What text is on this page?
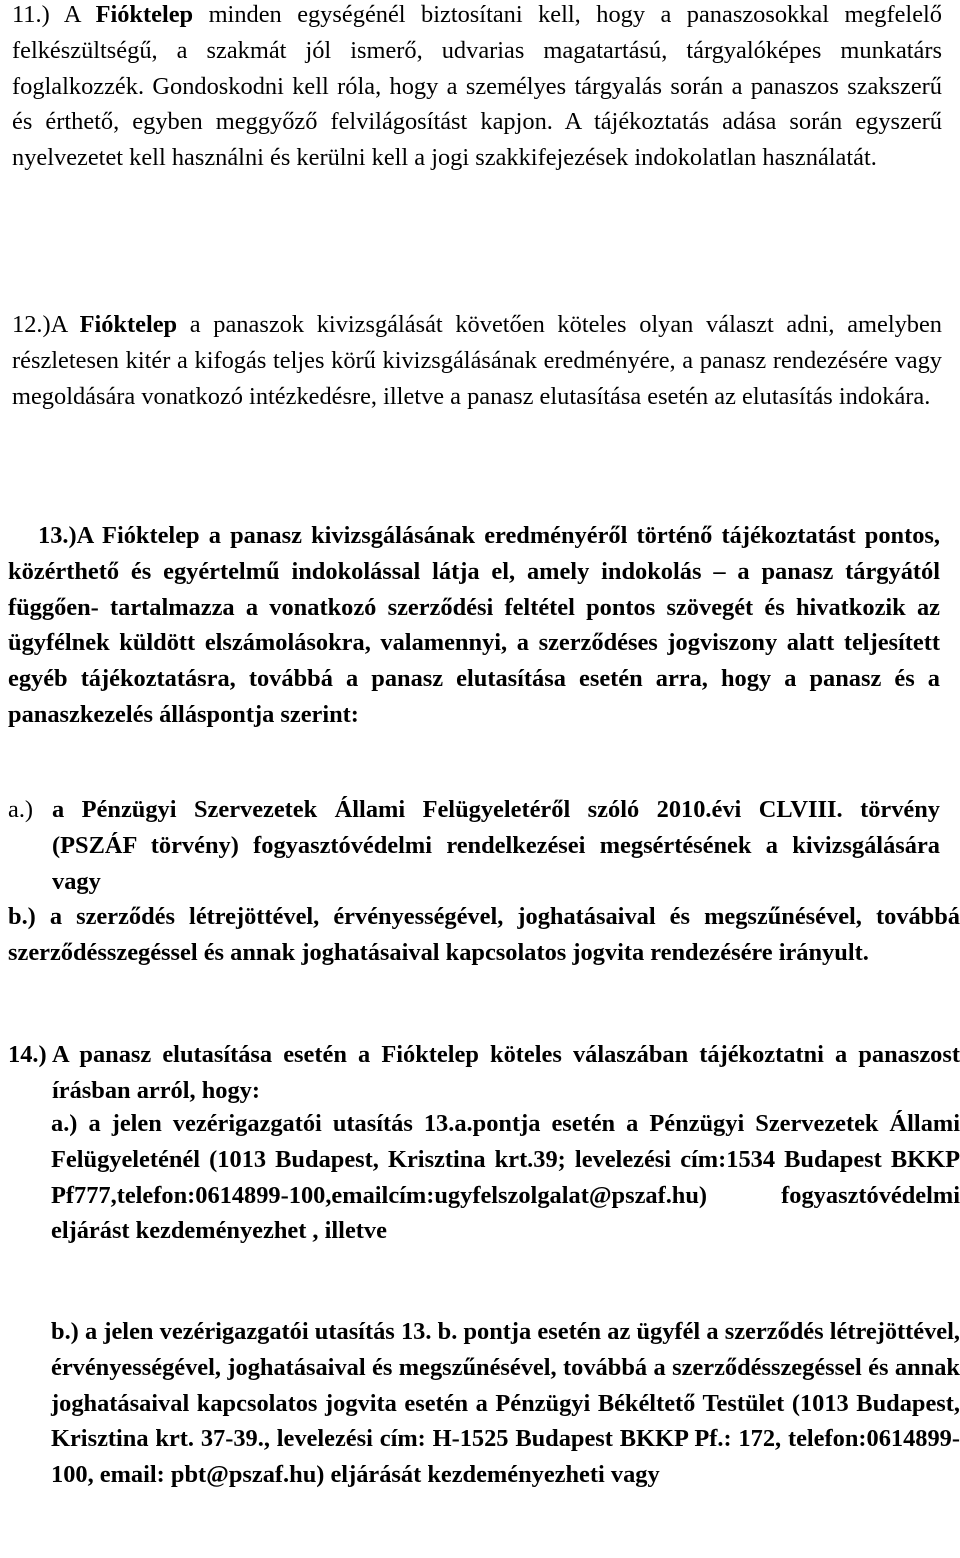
11.) A Fióktelep minden egységénél biztosítani kell, hogy a panaszosokkal megfelelő felkészültségű, a szakmát jól ismerő, udvarias magatartású, tárgyalóképes munkatárs foglalkozzék. Gondoskodni kell róla, hogy a személyes tárgyalás során a panaszos szakszerű és érthető, egyben meggyőző felvilágosítást kapjon. A tájékoztatás adása során egyszerű nyelvezetet kell használni és kerülni kell a jogi szakkifejezések indokolatlan használatát.

12.)A Fióktelep a panaszok kivizsgálását követően köteles olyan választ adni, amelyben részletesen kitér a kifogás teljes körű kivizsgálásának eredményére, a panasz rendezésére vagy megoldására vonatkozó intézkedésre, illetve a panasz elutasítása esetén az elutasítás indokára.

13.)A Fióktelep a panasz kivizsgálásának eredményéről történő tájékoztatást pontos, közérthető és egyértelmű indokolással látja el, amely indokolás – a panasz tárgyától függően- tartalmazza a vonatkozó szerződési feltétel pontos szövegét és hivatkozik az ügyfélnek küldött elszámolásokra, valamennyi, a szerződéses jogviszony alatt teljesített egyéb tájékoztatásra, továbbá a panasz elutasítása esetén arra, hogy a panasz és a panaszkezelés álláspontja szerint:

a.) a Pénzügyi Szervezetek Állami Felügyeletéről szóló 2010.évi CLVIII. törvény (PSZÁF törvény) fogyasztóvédelmi rendelkezései megsértésének a kivizsgálására vagy

b.) a szerződés létrejöttével, érvényességével, joghatásaival és megszűnésével, továbbá szerződésszegéssel és annak joghatásaival kapcsolatos jogvita rendezésére irányult.

14.) A panasz elutasítása esetén a Fióktelep köteles válaszában tájékoztatni a panaszost írásban arról, hogy:

a.) a jelen vezérigazgatói utasítás 13.a.pontja esetén a Pénzügyi Szervezetek Állami Felügyeleténél (1013 Budapest, Krisztina krt.39; levelezési cím:1534 Budapest BKKP Pf777,telefon:0614899-100,emailcím:ugyfelszolgalat@pszaf.hu) fogyasztóvédelmi eljárást kezdeményezhet , illetve

b.) a jelen vezérigazgatói utasítás 13. b. pontja esetén az ügyfél a szerződés létrejöttével, érvényességével, joghatásaival és megszűnésével, továbbá a szerződésszegéssel és annak joghatásaival kapcsolatos jogvita esetén a Pénzügyi Békéltető Testület (1013 Budapest, Krisztina krt. 37-39., levelezési cím: H-1525 Budapest BKKP Pf.: 172, telefon:0614899-100, email: pbt@pszaf.hu) eljárását kezdeményezheti vagy
